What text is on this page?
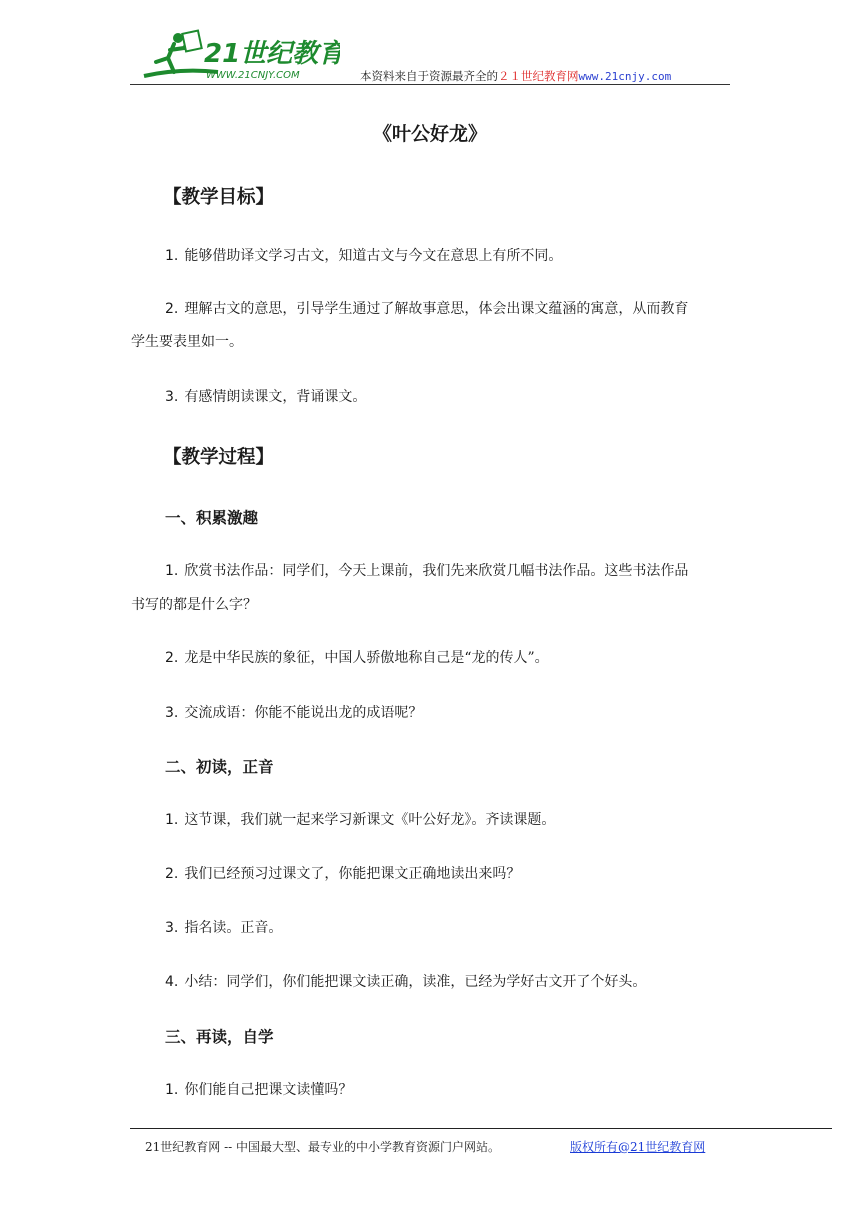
21世纪教育
WWW.21CNJY.COM	本资料来自于资源最齐全的２１世纪教育网www.21cnjy.com
《叶公好龙》
【教学目标】
1. 能够借助译文学习古文，知道古文与今文在意思上有所不同。
2. 理解古文的意思，引导学生通过了解故事意思，体会出课文蕴涵的寓意，从而教育
学生要表里如一。
3. 有感情朗读课文，背诵课文。
【教学过程】
一、积累激趣
1. 欣赏书法作品：同学们，今天上课前，我们先来欣赏几幅书法作品。这些书法作品
书写的都是什么字？
2. 龙是中华民族的象征，中国人骄傲地称自己是“龙的传人”。
3. 交流成语：你能不能说出龙的成语呢？
二、初读，正音
1. 这节课，我们就一起来学习新课文《叶公好龙》。齐读课题。
2. 我们已经预习过课文了，你能把课文正确地读出来吗？
3. 指名读。正音。
4. 小结：同学们，你们能把课文读正确，读准，已经为学好古文开了个好头。
三、再读，自学
1. 你们能自己把课文读懂吗？
21世纪教育网 -- 中国最大型、最专业的中小学教育资源门户网站。	版权所有@21世纪教育网
